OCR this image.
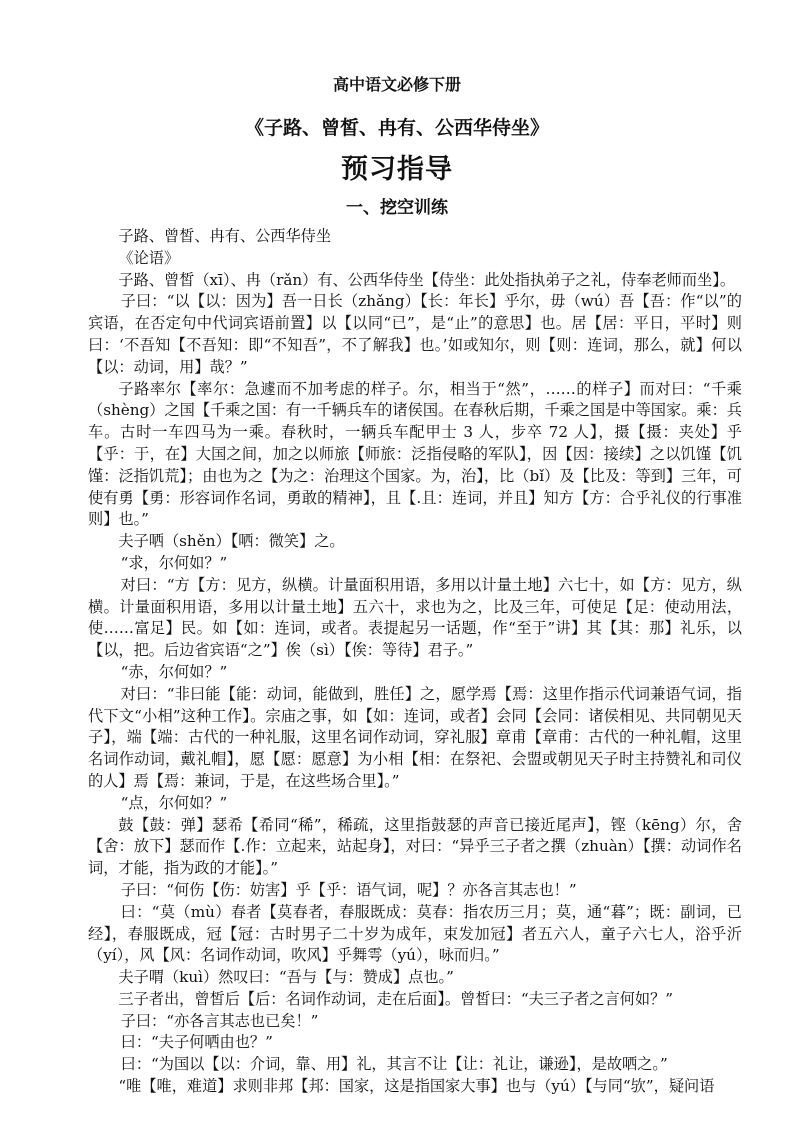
高中语文必修下册
《子路、曾皙、冉有、公西华侍坐》
预习指导
一、挖空训练

子路、曾皙、冉有、公西华侍坐

《论语》

子路、曾皙（xī）、冉（rǎn）有、公西华侍坐【侍坐：此处指执弟子之礼，侍奉老师而坐】。

子曰：“以【以：因为】吾一日长（zhǎng）【长：年长】乎尔，毋（wú）吾【吾：作“以”的宾语，在否定句中代词宾语前置】以【以同“已”，是“止”的意思】也。居【居：平日，平时】则曰：‘不吾知【不吾知：即“不知吾”，不了解我】也。’如或知尔，则【则：连词，那么，就】何以【以：动词，用】哉？”

子路率尔【率尔：急遽而不加考虑的样子。尔，相当于“然”，……的样子】而对曰：“千乘（shèng）之国【千乘之国：有一千辆兵车的诸侯国。在春秋后期，千乘之国是中等国家。乘：兵车。古时一车四马为一乘。春秋时，一辆兵车配甲士 3 人，步卒 72 人】，摄【摄：夹处】乎【乎：于，在】大国之间，加之以师旅【师旅：泛指侵略的军队】，因【因：接续】之以饥馑【饥馑：泛指饥荒】；由也为之【为之：治理这个国家。为，治】，比（bǐ）及【比及：等到】三年，可使有勇【勇：形容词作名词，勇敢的精神】，且【.且：连词，并且】知方【方：合乎礼仪的行事准则】也。”

夫子哂（shěn）【哂：微笑】之。

“求，尔何如？”

对曰：“方【方：见方，纵横。计量面积用语，多用以计量土地】六七十，如【方：见方，纵横。计量面积用语，多用以计量土地】五六十，求也为之，比及三年，可使足【足：使动用法，使……富足】民。如【如：连词，或者。表提起另一话题，作“至于”讲】其【其：那】礼乐，以【以，把。后边省宾语“之”】俟（sì）【俟：等待】君子。”

“赤，尔何如？”

对曰：“非曰能【能：动词，能做到，胜任】之，愿学焉【焉：这里作指示代词兼语气词，指代下文“小相”这种工作】。宗庙之事，如【如：连词，或者】会同【会同：诸侯相见、共同朝见天子】，端【端：古代的一种礼服，这里名词作动词，穿礼服】章甫【章甫：古代的一种礼帽，这里名词作动词，戴礼帽】，愿【愿：愿意】为小相【相：在祭祀、会盟或朝见天子时主持赞礼和司仪的人】焉【焉：兼词，于是，在这些场合里】。”

“点，尔何如？”

鼓【鼓：弹】瑟希【希同“稀”，稀疏，这里指鼓瑟的声音已接近尾声】，铿（kēng）尔，舍【舍：放下】瑟而作【.作：立起来，站起身】，对曰：“异乎三子者之撰（zhuàn）【撰：动词作名词，才能，指为政的才能】。”

子曰：“何伤【伤：妨害】乎【乎：语气词，呢】？亦各言其志也！”

曰：“莫（mù）春者【莫春者，春服既成：莫春：指农历三月；莫，通“暮”；既：副词，已经】，春服既成，冠【冠：古时男子二十岁为成年，束发加冠】者五六人，童子六七人，浴乎沂（yí），风【风：名词作动词，吹风】乎舞雩（yú），咏而归。”

夫子喟（kuì）然叹曰：“吾与【与：赞成】点也。”

三子者出，曾皙后【后：名词作动词，走在后面】。曾皙曰：“夫三子者之言何如？”

子曰：“亦各言其志也已矣！”

曰：“夫子何哂由也？”

曰：“为国以【以：介词，靠、用】礼，其言不让【让：礼让，谦逊】，是故哂之。”

“唯【唯，难道】求则非邦【邦：国家，这是指国家大事】也与（yú）【与同“欤”，疑问语
